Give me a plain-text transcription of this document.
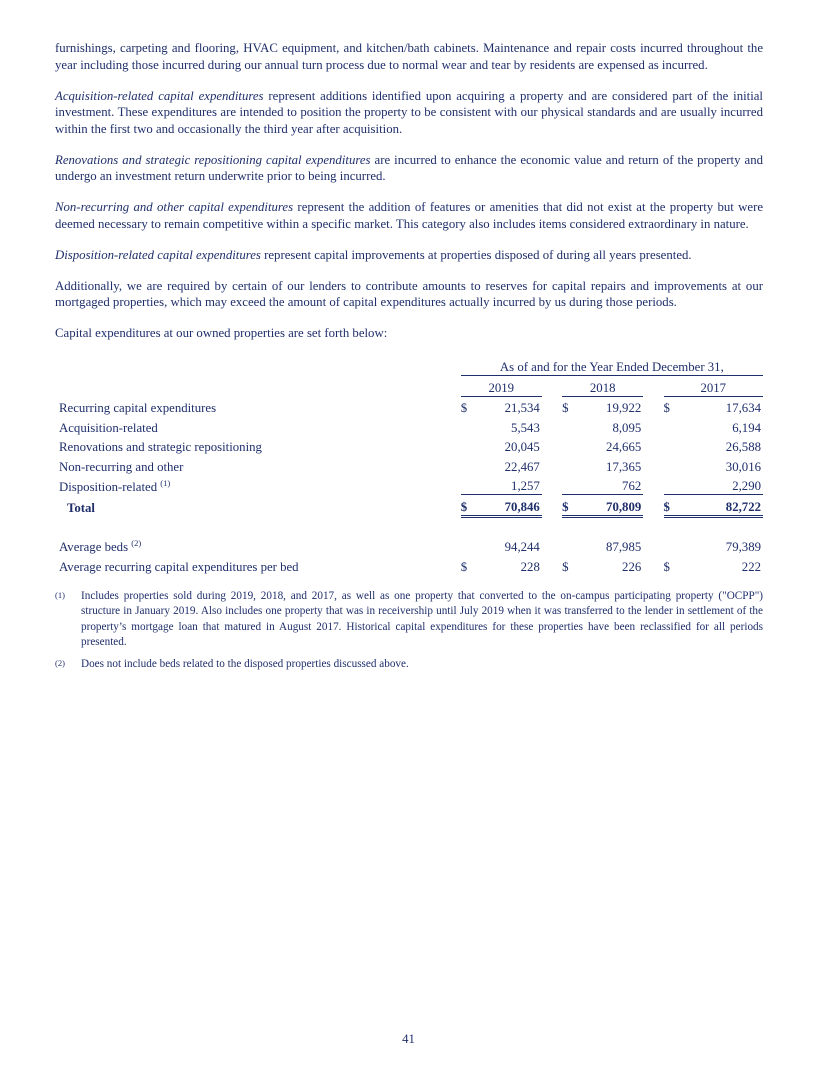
furnishings, carpeting and flooring, HVAC equipment, and kitchen/bath cabinets. Maintenance and repair costs incurred throughout the year including those incurred during our annual turn process due to normal wear and tear by residents are expensed as incurred.

Acquisition-related capital expenditures represent additions identified upon acquiring a property and are considered part of the initial investment. These expenditures are intended to position the property to be consistent with our physical standards and are usually incurred within the first two and occasionally the third year after acquisition.

Renovations and strategic repositioning capital expenditures are incurred to enhance the economic value and return of the property and undergo an investment return underwrite prior to being incurred.

Non-recurring and other capital expenditures represent the addition of features or amenities that did not exist at the property but were deemed necessary to remain competitive within a specific market. This category also includes items considered extraordinary in nature.

Disposition-related capital expenditures represent capital improvements at properties disposed of during all years presented.

Additionally, we are required by certain of our lenders to contribute amounts to reserves for capital repairs and improvements at our mortgaged properties, which may exceed the amount of capital expenditures actually incurred by us during those periods.

Capital expenditures at our owned properties are set forth below:

	As of and for the Year Ended December 31,							
	2019			2018			2017	
Recurring capital expenditures	$	21,534		$	19,922		$	17,634
Acquisition-related		5,543			8,095			6,194
Renovations and strategic repositioning		20,045			24,665			26,588
Non-recurring and other		22,467			17,365			30,016
Disposition-related $^{(1)}$		1,257			762			2,290
Total	$	70,846		$	70,809		$	82,722

Average beds $^{(2)}$		94,244			87,985			79,389
Average recurring capital expenditures per bed	$	228		$	226		$	222
(1)	Includes properties sold during 2019, 2018, and 2017, as well as one property that converted to the on-campus participating property ("OCPP") structure in January 2019. Also includes one property that was in receivership until July 2019 when it was transferred to the lender in settlement of the property’s mortgage loan that matured in August 2017. Historical capital expenditures for these properties have been reclassified for all periods presented.
(2)	Does not include beds related to the disposed properties discussed above.
41
